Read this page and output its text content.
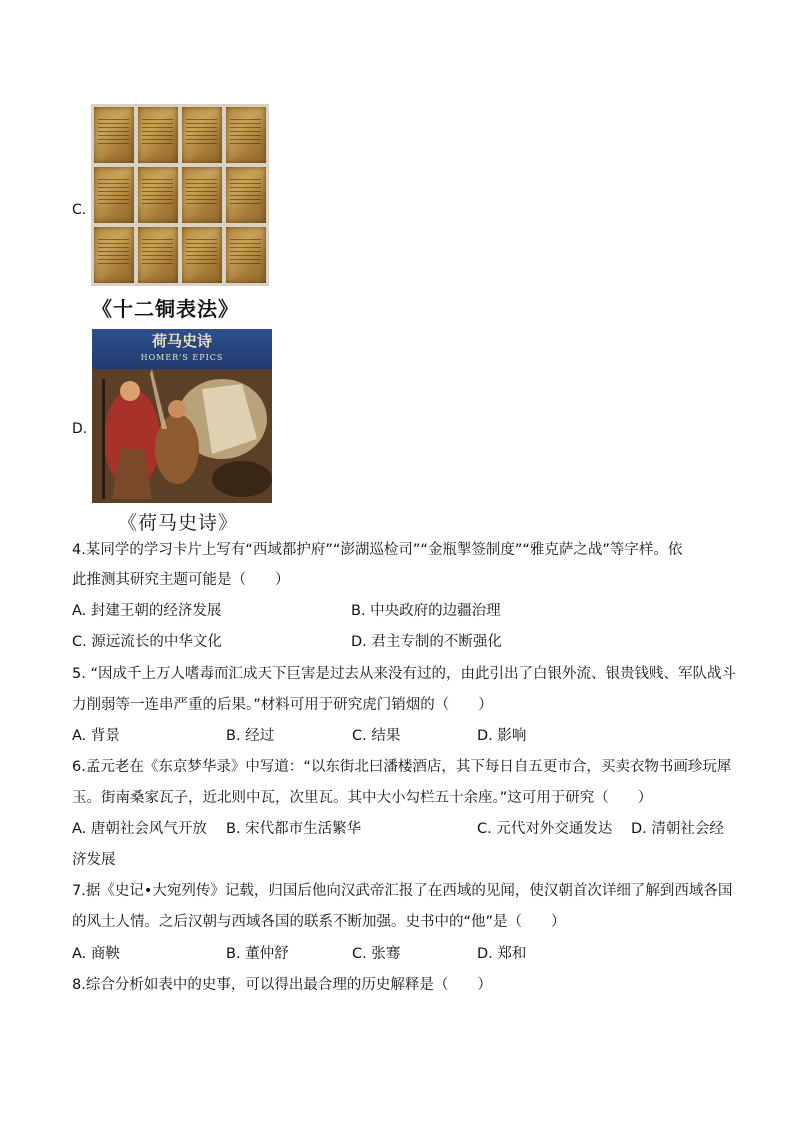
C.
《十二铜表法》
D.
荷马史诗
HOMER'S EPICS
《荷马史诗》
4.某同学的学习卡片上写有“西域都护府”“澎湖巡检司”“金瓶掣签制度”“雅克萨之战”等字样。依
此推测其研究主题可能是（　　）
A. 封建王朝的经济发展	B. 中央政府的边疆治理
C. 源远流长的中华文化	D. 君主专制的不断强化
5. “因成千上万人嗜毒而汇成天下巨害是过去从来没有过的，由此引出了白银外流、银贵钱贱、军队战斗
力削弱等一连串严重的后果。”材料可用于研究虎门销烟的（　　）
A. 背景	B. 经过	C. 结果	D. 影响
6.孟元老在《东京梦华录》中写道：“以东街北曰潘楼酒店，其下每日自五更市合，买卖衣物书画珍玩犀
玉。街南桑家瓦子，近北则中瓦，次里瓦。其中大小勾栏五十余座。”这可用于研究（　　）
A. 唐朝社会风气开放 B. 宋代都市生活繁华	C. 元代对外交通发达 D. 清朝社会经
济发展
7.据《史记•大宛列传》记载，归国后他向汉武帝汇报了在西域的见闻，使汉朝首次详细了解到西域各国
的风土人情。之后汉朝与西域各国的联系不断加强。史书中的“他”是（　　）
A. 商鞅	B. 董仲舒	C. 张骞	D. 郑和
8.综合分析如表中的史事，可以得出最合理的历史解释是（　　）
